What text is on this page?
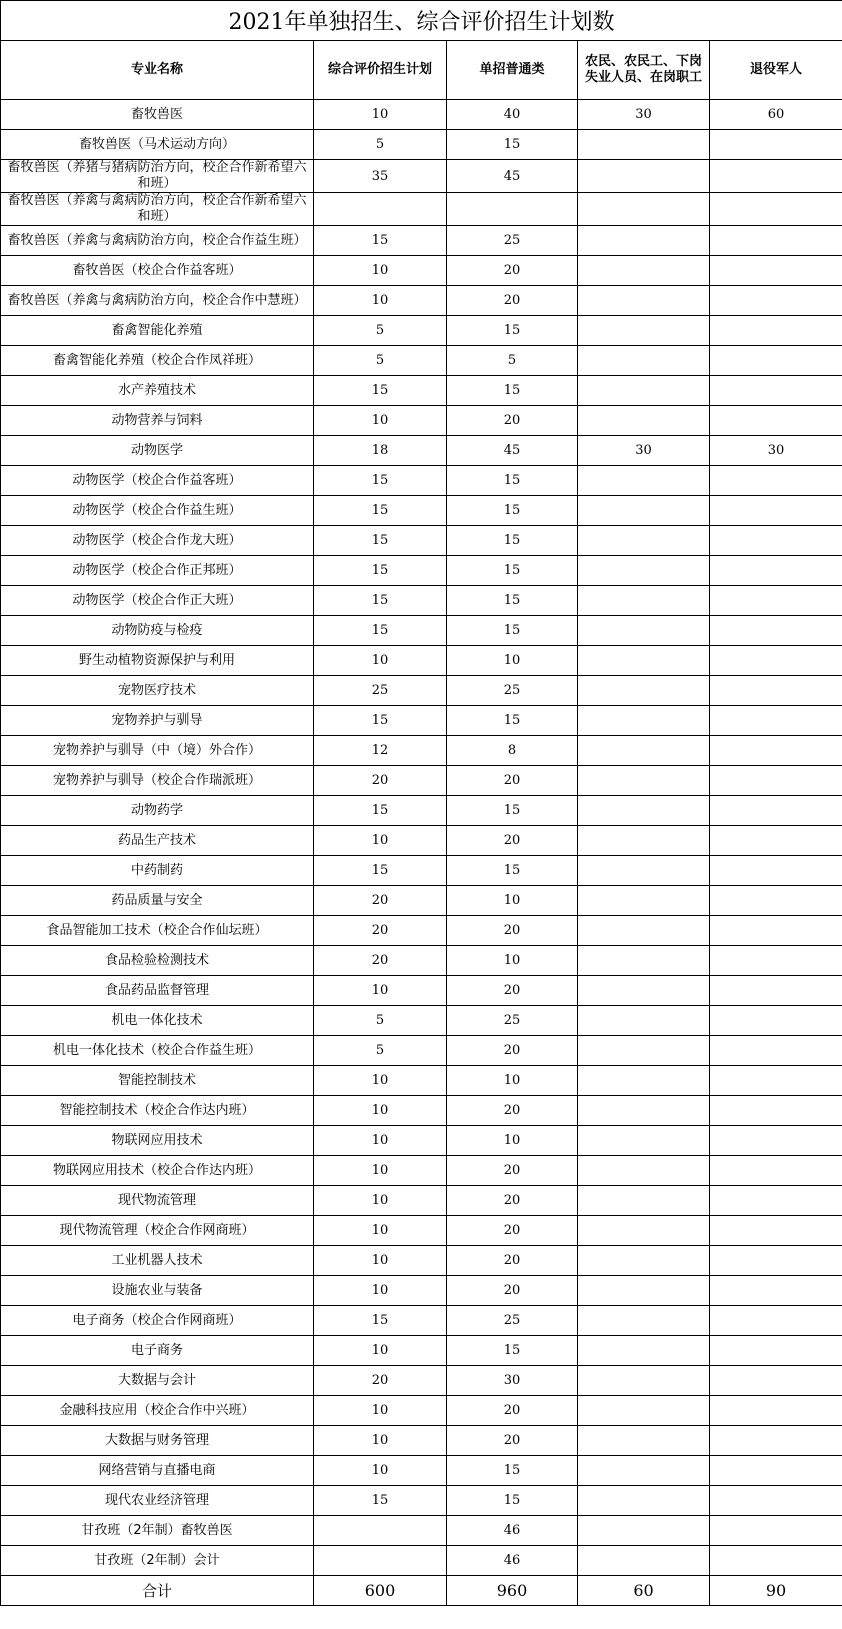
2021年单独招生、综合评价招生计划数				
专业名称	综合评价招生计划	单招普通类	农民、农民工、下岗失业人员、在岗职工	退役军人
畜牧兽医	10	40	30	60
畜牧兽医（马术运动方向）	5	15		
畜牧兽医（养猪与猪病防治方向，校企合作新希望六和班）	35	45		
畜牧兽医（养禽与禽病防治方向，校企合作新希望六和班）				
畜牧兽医（养禽与禽病防治方向，校企合作益生班）	15	25		
畜牧兽医（校企合作益客班）	10	20		
畜牧兽医（养禽与禽病防治方向，校企合作中慧班）	10	20		
畜禽智能化养殖	5	15		
畜禽智能化养殖（校企合作凤祥班）	5	5		
水产养殖技术	15	15		
动物营养与饲料	10	20		
动物医学	18	45	30	30
动物医学（校企合作益客班）	15	15		
动物医学（校企合作益生班）	15	15		
动物医学（校企合作龙大班）	15	15		
动物医学（校企合作正邦班）	15	15		
动物医学（校企合作正大班）	15	15		
动物防疫与检疫	15	15		
野生动植物资源保护与利用	10	10		
宠物医疗技术	25	25		
宠物养护与驯导	15	15		
宠物养护与驯导（中（境）外合作）	12	8		
宠物养护与驯导（校企合作瑞派班）	20	20		
动物药学	15	15		
药品生产技术	10	20		
中药制药	15	15		
药品质量与安全	20	10		
食品智能加工技术（校企合作仙坛班）	20	20		
食品检验检测技术	20	10		
食品药品监督管理	10	20		
机电一体化技术	5	25		
机电一体化技术（校企合作益生班）	5	20		
智能控制技术	10	10		
智能控制技术（校企合作达内班）	10	20		
物联网应用技术	10	10		
物联网应用技术（校企合作达内班）	10	20		
现代物流管理	10	20		
现代物流管理（校企合作网商班）	10	20		
工业机器人技术	10	20		
设施农业与装备	10	20		
电子商务（校企合作网商班）	15	25		
电子商务	10	15		
大数据与会计	20	30		
金融科技应用（校企合作中兴班）	10	20		
大数据与财务管理	10	20		
网络营销与直播电商	10	15		
现代农业经济管理	15	15		
甘孜班（2年制）畜牧兽医		46		
甘孜班（2年制）会计		46		
合计	600	960	60	90
